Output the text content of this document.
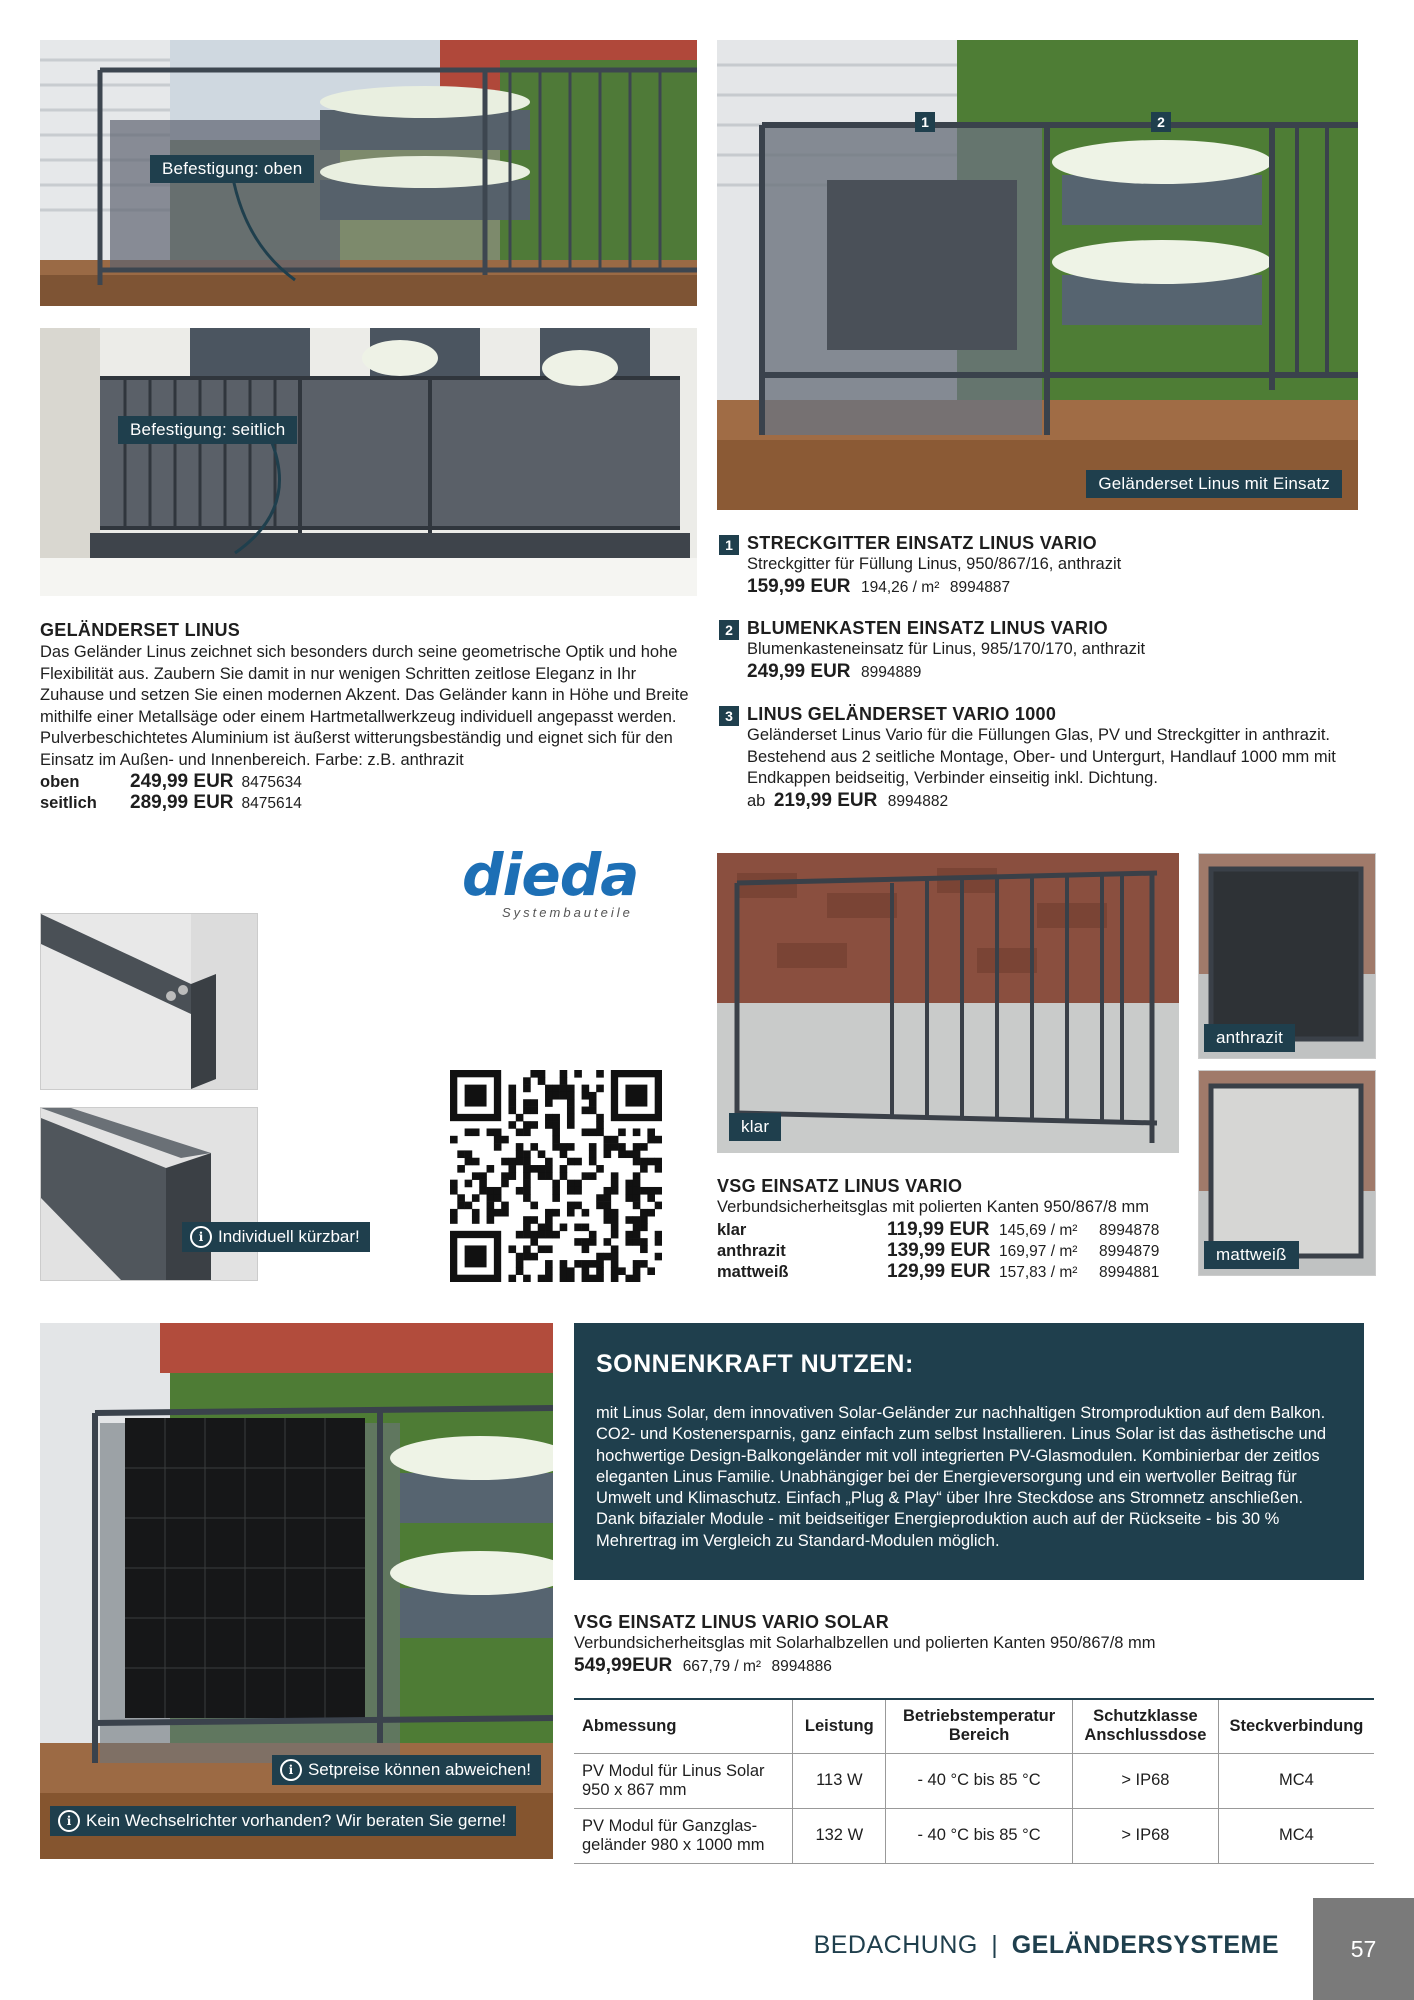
Befestigung: oben
Befestigung: seitlich
1	2
Geländerset Linus mit Einsatz
GELÄNDERSET LINUS
Das Geländer Linus zeichnet sich besonders durch seine geometrische Optik und hohe Flexibilität aus. Zaubern Sie damit in nur wenigen Schritten zeitlose Eleganz in Ihr Zuhause und setzen Sie einen modernen Akzent. Das Geländer kann in Höhe und Breite mithilfe einer Metallsäge oder einem Hartmetallwerkzeug individuell angepasst werden. Pulverbeschichtetes Aluminium ist äußerst witterungsbeständig und eignet sich für den Einsatz im Außen- und Innenbereich. Farbe: z.B. anthrazit
oben	249,99 EUR 8475634
seitlich	289,99 EUR 8475614
1 STRECKGITTER EINSATZ LINUS VARIO
Streckgitter für Füllung Linus, 950/867/16, anthrazit
159,99 EUR 194,26 / m² 8994887
2 BLUMENKASTEN EINSATZ LINUS VARIO
Blumenkasteneinsatz für Linus, 985/170/170, anthrazit
249,99 EUR 8994889
3 LINUS GELÄNDERSET VARIO 1000
Geländerset Linus Vario für die Füllungen Glas, PV und Streckgitter in anthrazit. Bestehend aus 2 seitliche Montage, Ober- und Untergurt, Handlauf 1000 mm mit Endkappen beidseitig, Verbinder einseitig inkl. Dichtung.
ab 219,99 EUR 8994882
dieda
Systembauteile
i Individuell kürzbar!
klar
anthrazit
mattweiß
VSG EINSATZ LINUS VARIO
Verbundsicherheitsglas mit polierten Kanten 950/867/8 mm
klar	119,99 EUR 145,69 / m²	8994878
anthrazit	139,99 EUR 169,97 / m²	8994879
mattweiß	129,99 EUR 157,83 / m²	8994881
i Setpreise können abweichen!
i Kein Wechselrichter vorhanden? Wir beraten Sie gerne!
SONNENKRAFT NUTZEN:
mit Linus Solar, dem innovativen Solar-Geländer zur nachhaltigen Stromproduktion auf dem Balkon. CO2- und Kostenersparnis, ganz einfach zum selbst Installieren. Linus Solar ist das ästhetische und hochwertige Design-Balkongeländer mit voll integrierten PV-Glasmodulen. Kombinierbar der zeitlos eleganten Linus Familie. Unabhängiger bei der Energieversorgung und ein wertvoller Beitrag für Umwelt und Klimaschutz. Einfach „Plug & Play“ über Ihre Steckdose ans Stromnetz anschließen. Dank bifazialer Module - mit beidseitiger Energieproduktion auch auf der Rückseite - bis 30 % Mehrertrag im Vergleich zu Standard-Modulen möglich.
VSG EINSATZ LINUS VARIO SOLAR
Verbundsicherheitsglas mit Solarhalbzellen und polierten Kanten 950/867/8 mm
549,99EUR 667,79 / m² 8994886
Abmessung	Leistung	Betriebstemperatur Bereich	Schutzklasse Anschlussdose	Steckverbindung
PV Modul für Linus Solar 950 x 867 mm	113 W	- 40 °C bis 85 °C	> IP68	MC4
PV Modul für Ganzglas-geländer 980 x 1000 mm	132 W	- 40 °C bis 85 °C	> IP68	MC4
BEDACHUNG | GELÄNDERSYSTEME	57
